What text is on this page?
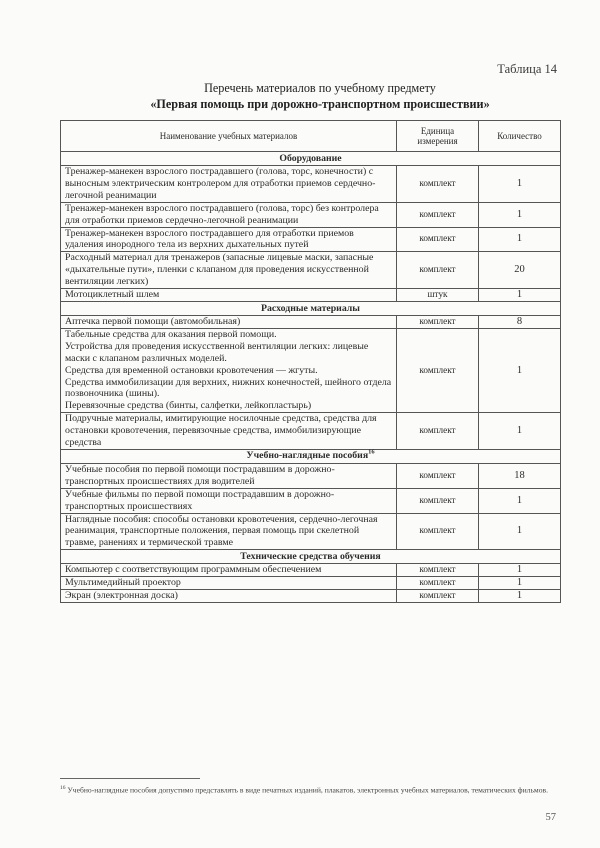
Таблица 14
Перечень материалов по учебному предмету
«Первая помощь при дорожно-транспортном происшествии»
Наименование учебных материалов	Единица измерения	Количество
Оборудование		
Тренажер-манекен взрослого пострадавшего (голова, торс, конечности) с выносным электрическим контролером для отработки приемов сердечно-легочной реанимации	комплект	1
Тренажер-манекен взрослого пострадавшего (голова, торс) без контролера для отработки приемов сердечно-легочной реанимации	комплект	1
Тренажер-манекен взрослого пострадавшего для отработки приемов удаления инородного тела из верхних дыхательных путей	комплект	1
Расходный материал для тренажеров (запасные лицевые маски, запасные «дыхательные пути», пленки с клапаном для проведения искусственной вентиляции легких)	комплект	20
Мотоциклетный шлем	штук	1
Расходные материалы		
Аптечка первой помощи (автомобильная)	комплект	8
Табельные средства для оказания первой помощи.
Устройства для проведения искусственной вентиляции легких: лицевые маски с клапаном различных моделей.
Средства для временной остановки кровотечения — жгуты.
Средства иммобилизации для верхних, нижних конечностей, шейного отдела позвоночника (шины).
Перевязочные средства (бинты, салфетки, лейкопластырь)	комплект	1
Подручные материалы, имитирующие носилочные средства, средства для остановки кровотечения, перевязочные средства, иммобилизирующие средства	комплект	1
Учебно-наглядные пособия$^{16}$
Учебные пособия по первой помощи пострадавшим в дорожно-транспортных происшествиях для водителей	комплект	18
Учебные фильмы по первой помощи пострадавшим в дорожно-транспортных происшествиях	комплект	1
Наглядные пособия: способы остановки кровотечения, сердечно-легочная реанимация, транспортные положения, первая помощь при скелетной травме, ранениях и термической травме	комплект	1
Технические средства обучения		
Компьютер с соответствующим программным обеспечением	комплект	1
Мультимедийный проектор	комплект	1
Экран (электронная доска)	комплект	1
$^{16}$ Учебно-наглядные пособия допустимо представлять в виде печатных изданий, плакатов, электронных учебных материалов, тематических фильмов.
57
